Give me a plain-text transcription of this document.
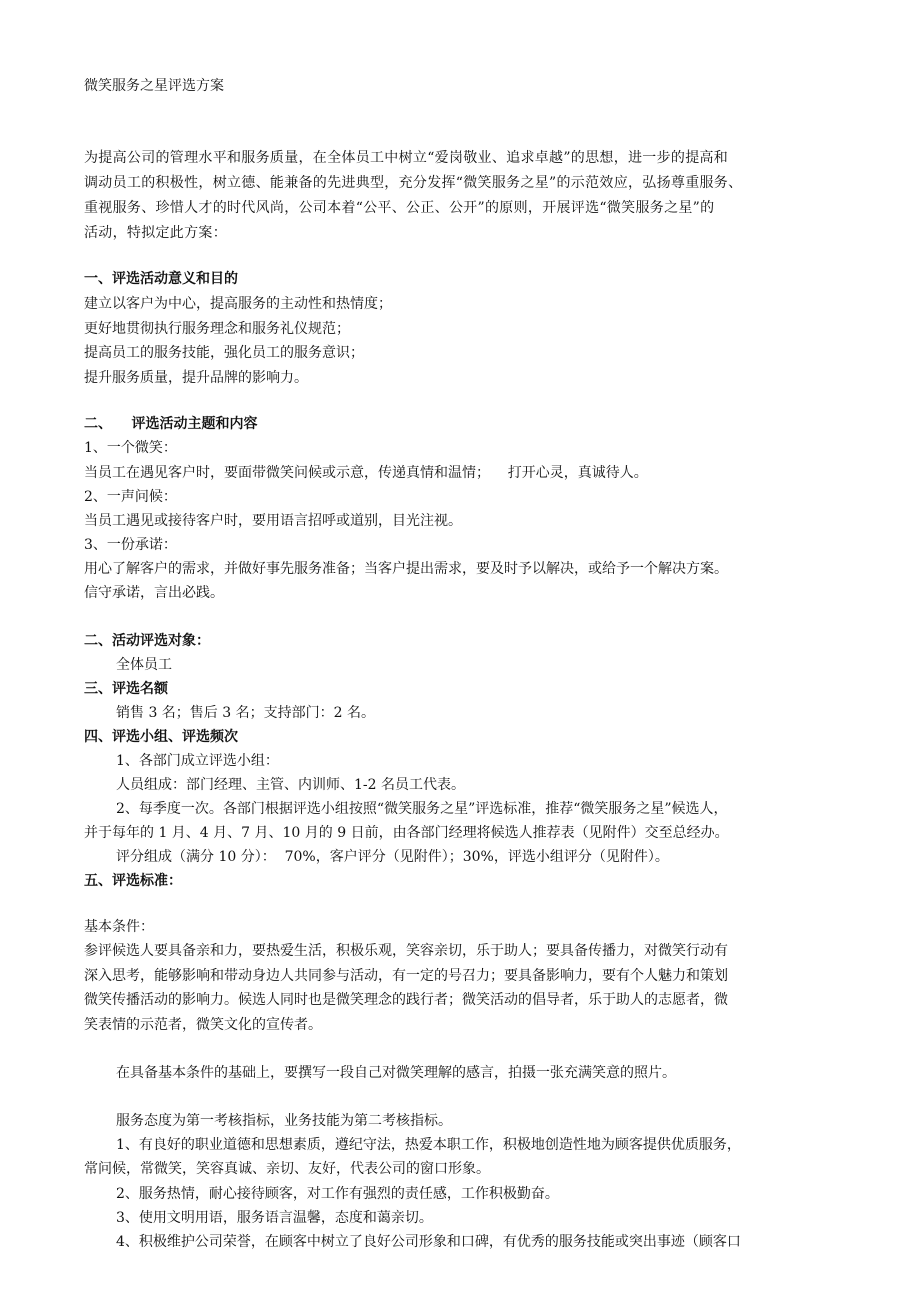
微笑服务之星评选方案
为提高公司的管理水平和服务质量，在全体员工中树立“爱岗敬业、追求卓越”的思想，进一步的提高和
调动员工的积极性，树立德、能兼备的先进典型，充分发挥“微笑服务之星”的示范效应，弘扬尊重服务、
重视服务、珍惜人才的时代风尚，公司本着“公平、公正、公开”的原则，开展评选“微笑服务之星”的
活动，特拟定此方案：
一、评选活动意义和目的
建立以客户为中心，提高服务的主动性和热情度；
更好地贯彻执行服务理念和服务礼仪规范；
提高员工的服务技能，强化员工的服务意识；
提升服务质量，提升品牌的影响力。
二、    评选活动主题和内容
1、一个微笑：
当员工在遇见客户时，要面带微笑问候或示意，传递真情和温情；    打开心灵，真诚待人。
2、一声问候：
当员工遇见或接待客户时，要用语言招呼或道别，目光注视。
3、一份承诺：
用心了解客户的需求，并做好事先服务准备；当客户提出需求，要及时予以解决，或给予一个解决方案。
信守承诺，言出必践。
二、活动评选对象：
全体员工
三、评选名额
销售 3 名；售后 3 名；支持部门：2 名。
四、评选小组、评选频次
1、各部门成立评选小组：
人员组成：部门经理、主管、内训师、1-2 名员工代表。
2、每季度一次。各部门根据评选小组按照“微笑服务之星”评选标准，推荐“微笑服务之星”候选人，
并于每年的 1 月、4 月、7 月、10 月的 9 日前，由各部门经理将候选人推荐表（见附件）交至总经办。
评分组成（满分 10 分）：  70%，客户评分（见附件）；30%，评选小组评分（见附件）。
五、评选标准：
基本条件：
参评候选人要具备亲和力，要热爱生活，积极乐观，笑容亲切，乐于助人；要具备传播力，对微笑行动有
深入思考，能够影响和带动身边人共同参与活动，有一定的号召力；要具备影响力，要有个人魅力和策划
微笑传播活动的影响力。候选人同时也是微笑理念的践行者；微笑活动的倡导者，乐于助人的志愿者，微
笑表情的示范者，微笑文化的宣传者。
在具备基本条件的基础上，要撰写一段自己对微笑理解的感言，拍摄一张充满笑意的照片。
服务态度为第一考核指标，业务技能为第二考核指标。
1、有良好的职业道德和思想素质，遵纪守法，热爱本职工作，积极地创造性地为顾客提供优质服务，
常问候，常微笑，笑容真诚、亲切、友好，代表公司的窗口形象。
2、服务热情，耐心接待顾客，对工作有强烈的责任感，工作积极勤奋。
3、使用文明用语，服务语言温馨，态度和蔼亲切。
4、积极维护公司荣誉，在顾客中树立了良好公司形象和口碑，有优秀的服务技能或突出事迹（顾客口
